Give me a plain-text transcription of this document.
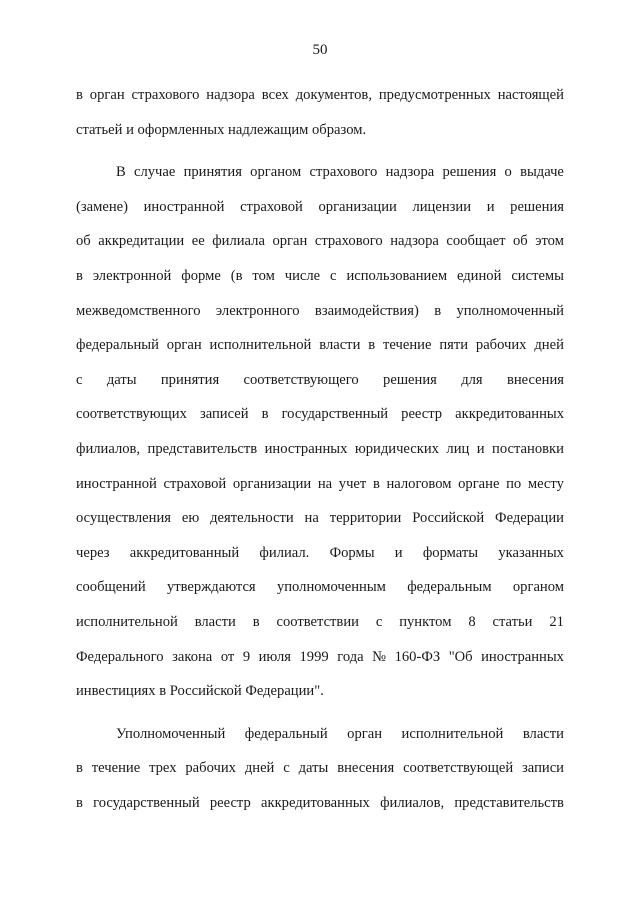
50
в орган страхового надзора всех документов, предусмотренных настоящей
статьей и оформленных надлежащим образом.
В случае принятия органом страхового надзора решения о выдаче
(замене) иностранной страховой организации лицензии и решения
об аккредитации ее филиала орган страхового надзора сообщает об этом
в электронной форме (в том числе с использованием единой системы
межведомственного электронного взаимодействия) в уполномоченный
федеральный орган исполнительной власти в течение пяти рабочих дней
с даты принятия соответствующего решения для внесения
соответствующих записей в государственный реестр аккредитованных
филиалов, представительств иностранных юридических лиц и постановки
иностранной страховой организации на учет в налоговом органе по месту
осуществления ею деятельности на территории Российской Федерации
через аккредитованный филиал. Формы и форматы указанных
сообщений утверждаются уполномоченным федеральным органом
исполнительной власти в соответствии с пунктом 8 статьи 21
Федерального закона от 9 июля 1999 года № 160-ФЗ "Об иностранных
инвестициях в Российской Федерации".
Уполномоченный федеральный орган исполнительной власти
в течение трех рабочих дней с даты внесения соответствующей записи
в государственный реестр аккредитованных филиалов, представительств
